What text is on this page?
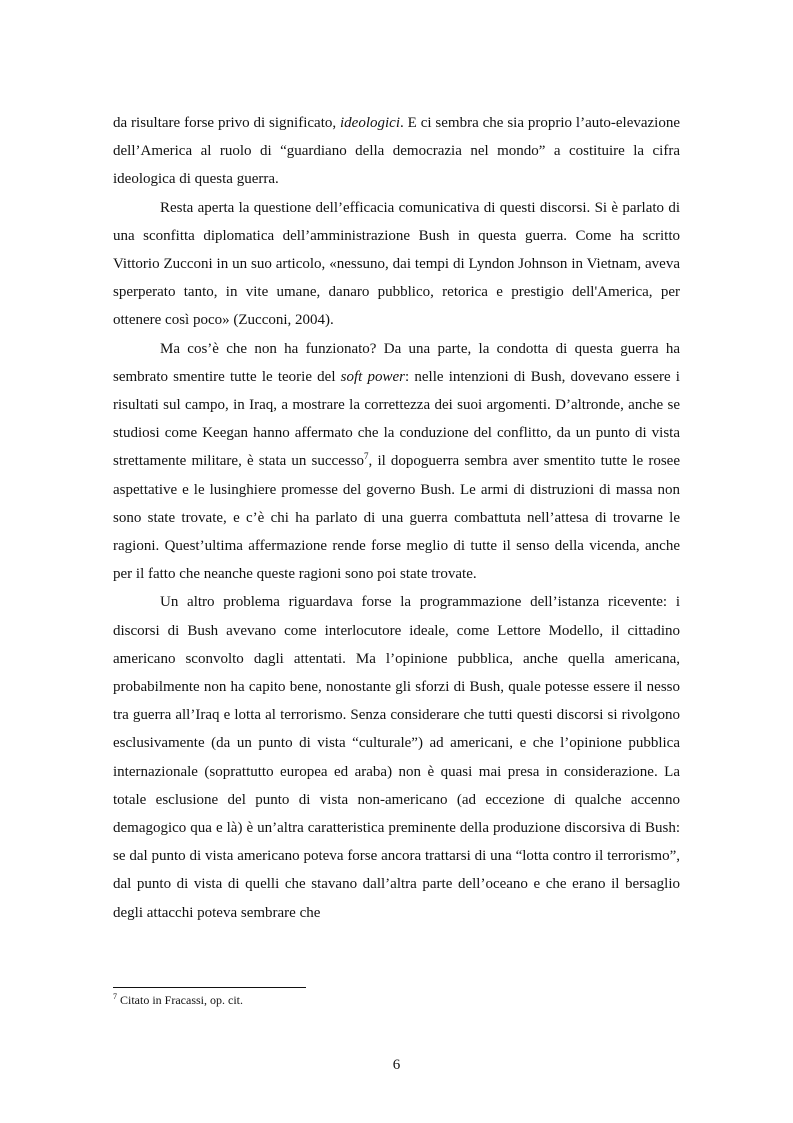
da risultare forse privo di significato, ideologici. E ci sembra che sia proprio l’auto-elevazione dell’America al ruolo di “guardiano della democrazia nel mondo” a costituire la cifra ideologica di questa guerra.

Resta aperta la questione dell’efficacia comunicativa di questi discorsi. Si è parlato di una sconfitta diplomatica dell’amministrazione Bush in questa guerra. Come ha scritto Vittorio Zucconi in un suo articolo, «nessuno, dai tempi di Lyndon Johnson in Vietnam, aveva sperperato tanto, in vite umane, danaro pubblico, retorica e prestigio dell'America, per ottenere così poco» (Zucconi, 2004).

Ma cos’è che non ha funzionato? Da una parte, la condotta di questa guerra ha sembrato smentire tutte le teorie del soft power: nelle intenzioni di Bush, dovevano essere i risultati sul campo, in Iraq, a mostrare la correttezza dei suoi argomenti. D’altronde, anche se studiosi come Keegan hanno affermato che la conduzione del conflitto, da un punto di vista strettamente militare, è stata un successo$^7$, il dopoguerra sembra aver smentito tutte le rosee aspettative e le lusinghiere promesse del governo Bush. Le armi di distruzioni di massa non sono state trovate, e c’è chi ha parlato di una guerra combattuta nell’attesa di trovarne le ragioni. Quest’ultima affermazione rende forse meglio di tutte il senso della vicenda, anche per il fatto che neanche queste ragioni sono poi state trovate.

Un altro problema riguardava forse la programmazione dell’istanza ricevente: i discorsi di Bush avevano come interlocutore ideale, come Lettore Modello, il cittadino americano sconvolto dagli attentati. Ma l’opinione pubblica, anche quella americana, probabilmente non ha capito bene, nonostante gli sforzi di Bush, quale potesse essere il nesso tra guerra all’Iraq e lotta al terrorismo. Senza considerare che tutti questi discorsi si rivolgono esclusivamente (da un punto di vista “culturale”) ad americani, e che l’opinione pubblica internazionale (soprattutto europea ed araba) non è quasi mai presa in considerazione. La totale esclusione del punto di vista non-americano (ad eccezione di qualche accenno demagogico qua e là) è un’altra caratteristica preminente della produzione discorsiva di Bush: se dal punto di vista americano poteva forse ancora trattarsi di una “lotta contro il terrorismo”, dal punto di vista di quelli che stavano dall’altra parte dell’oceano e che erano il bersaglio degli attacchi poteva sembrare che

$^7$ Citato in Fracassi, op. cit.
6
